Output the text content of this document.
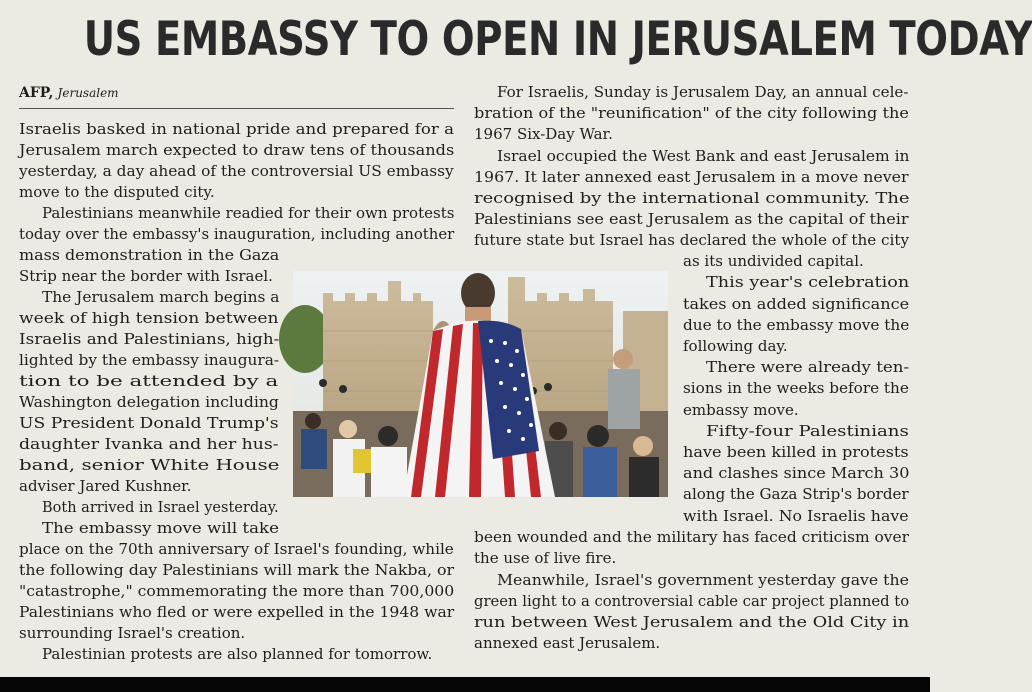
US EMBASSY TO OPEN IN JERUSALEM TODAY
AFP, Jerusalem
Israelis basked in national pride and prepared for a
Jerusalem march expected to draw tens of thousands
yesterday, a day ahead of the controversial US embassy
move to the disputed city.
Palestinians meanwhile readied for their own protests
today over the embassy's inauguration, including another
mass demonstration in the Gaza
Strip near the border with Israel.
The Jerusalem march begins a
week of high tension between
Israelis and Palestinians, high-
lighted by the embassy inaugura-
tion to be attended by a
Washington delegation including
US President Donald Trump's
daughter Ivanka and her hus-
band, senior White House
adviser Jared Kushner.
Both arrived in Israel yesterday.
The embassy move will take
place on the 70th anniversary of Israel's founding, while
the following day Palestinians will mark the Nakba, or
"catastrophe," commemorating the more than 700,000
Palestinians who fled or were expelled in the 1948 war
surrounding Israel's creation.
Palestinian protests are also planned for tomorrow.
For Israelis, Sunday is Jerusalem Day, an annual cele-
bration of the "reunification" of the city following the
1967 Six-Day War.
Israel occupied the West Bank and east Jerusalem in
1967. It later annexed east Jerusalem in a move never
recognised by the international community. The
Palestinians see east Jerusalem as the capital of their
future state but Israel has declared the whole of the city
as its undivided capital.
This year's celebration
takes on added significance
due to the embassy move the
following day.
There were already ten-
sions in the weeks before the
embassy move.
Fifty-four Palestinians
have been killed in protests
and clashes since March 30
along the Gaza Strip's border
with Israel. No Israelis have
been wounded and the military has faced criticism over
the use of live fire.
Meanwhile, Israel's government yesterday gave the
green light to a controversial cable car project planned to
run between West Jerusalem and the Old City in
annexed east Jerusalem.
